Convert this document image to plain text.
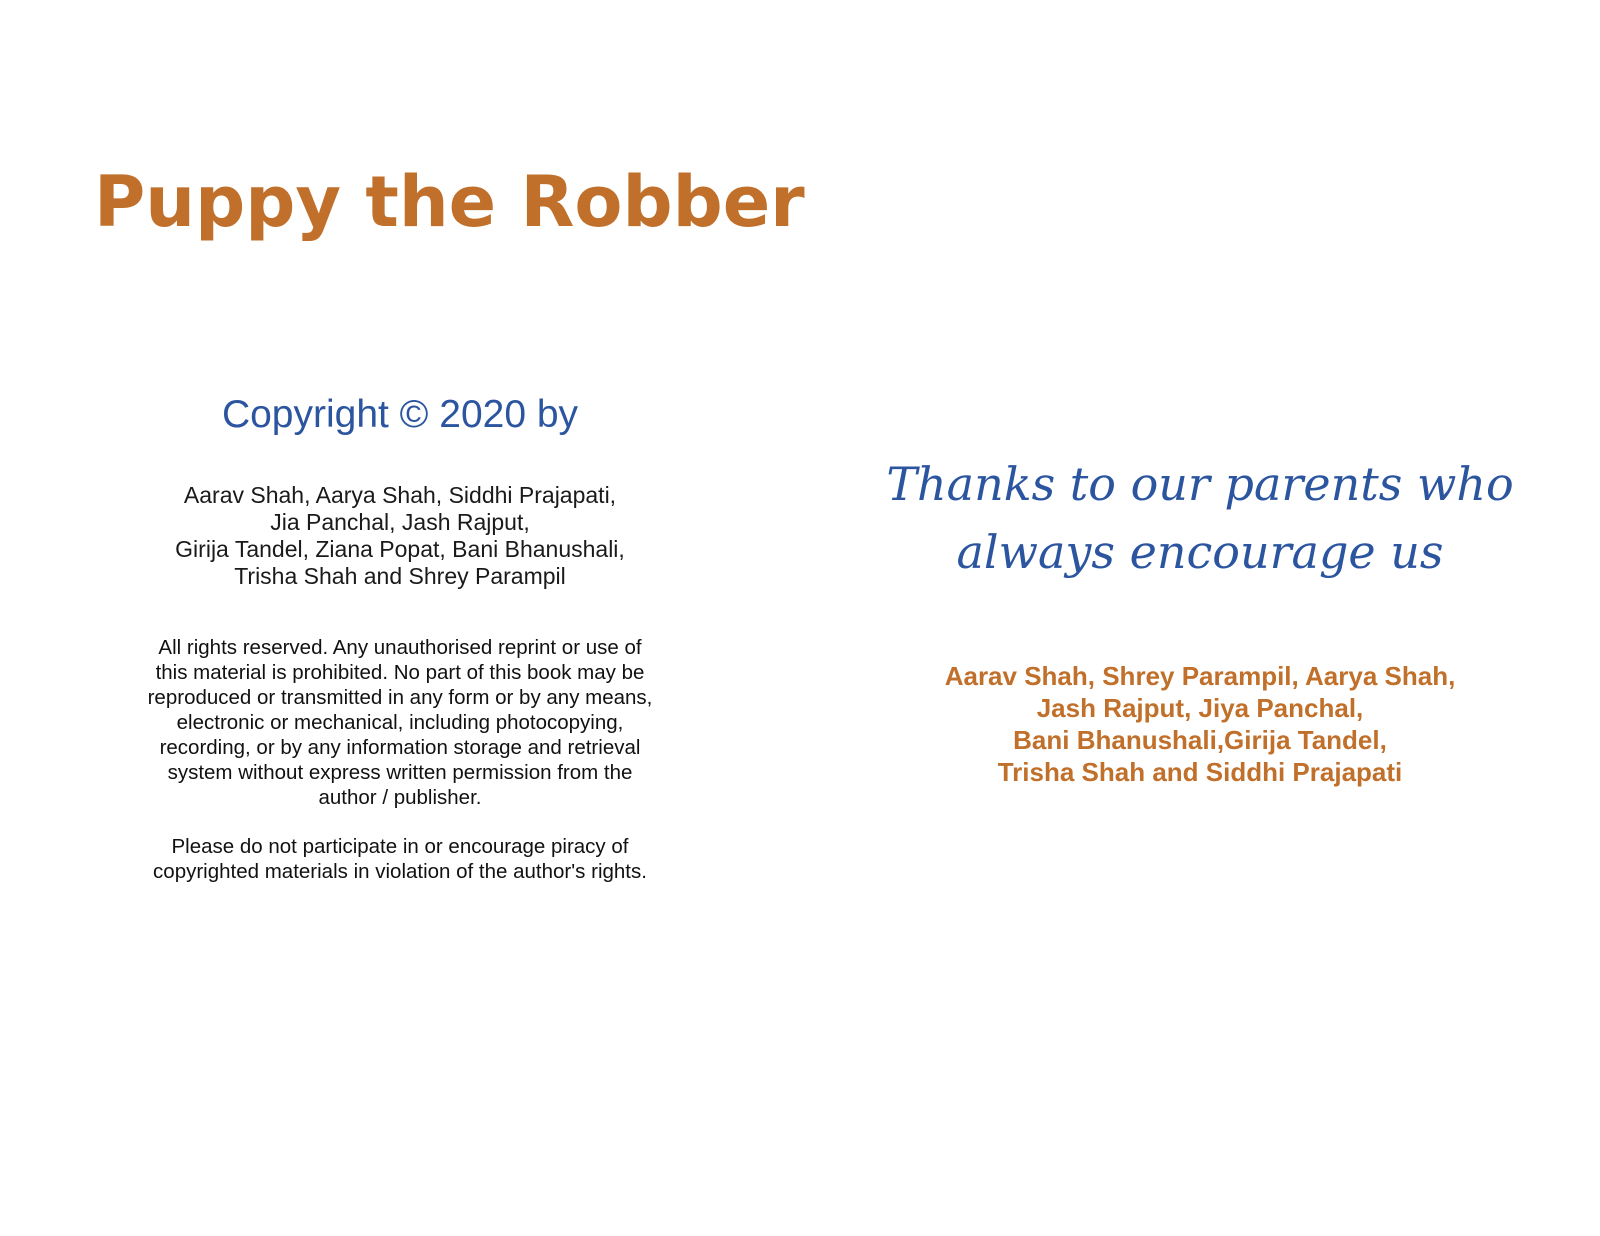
Puppy the Robber
Copyright © 2020 by
Aarav Shah, Aarya Shah, Siddhi Prajapati,
Jia Panchal, Jash Rajput,
Girija Tandel, Ziana Popat, Bani Bhanushali,
Trisha Shah and Shrey Parampil
All rights reserved. Any unauthorised reprint or use of
this material is prohibited. No part of this book may be
reproduced or transmitted in any form or by any means,
electronic or mechanical, including photocopying,
recording, or by any information storage and retrieval
system without express written permission from the
author / publisher.
Please do not participate in or encourage piracy of
copyrighted materials in violation of the author's rights.
Thanks to our parents who
always encourage us
Aarav Shah, Shrey Parampil, Aarya Shah,
Jash Rajput, Jiya Panchal,
Bani Bhanushali,Girija Tandel,
Trisha Shah and Siddhi Prajapati
